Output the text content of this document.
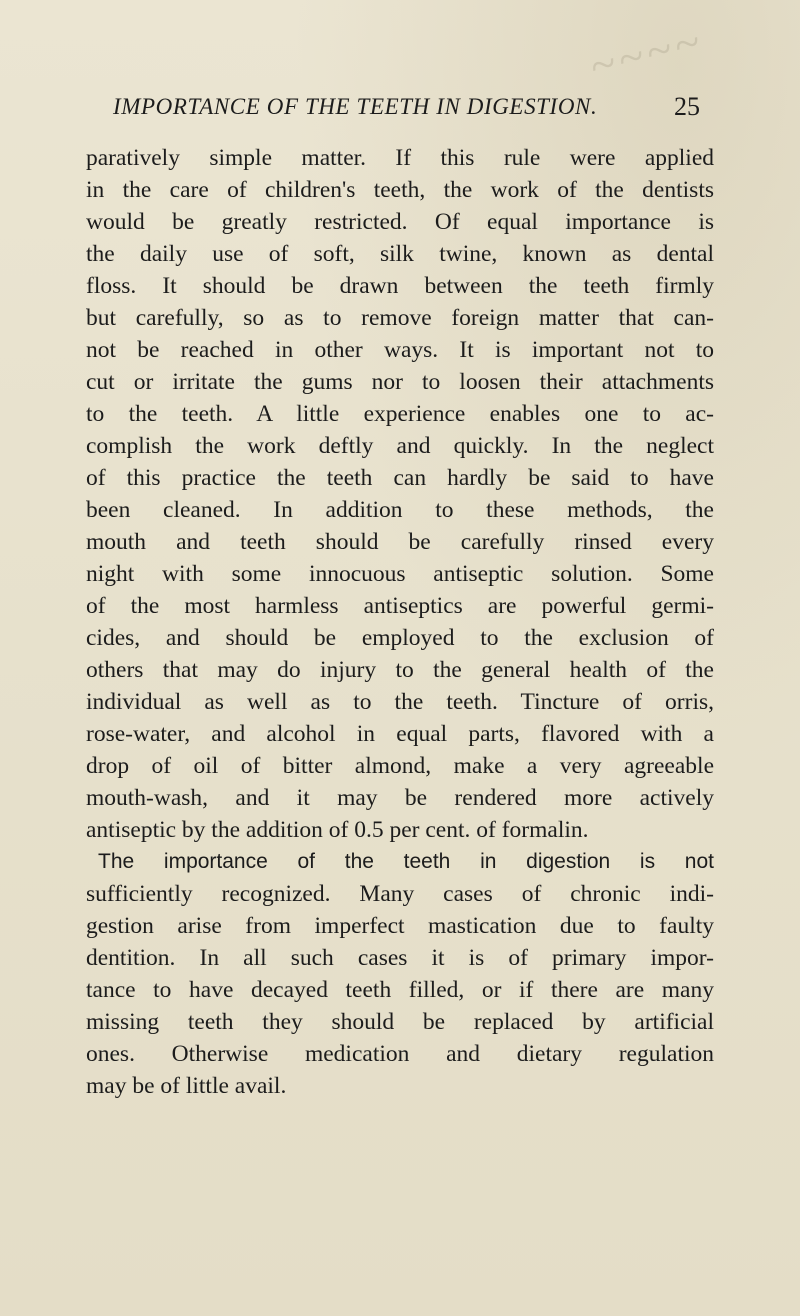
~~~~
IMPORTANCE OF THE TEETH IN DIGESTION.	25
paratively simple matter. If this rule were applied
in the care of children's teeth, the work of the dentists
would be greatly restricted. Of equal importance is
the daily use of soft, silk twine, known as dental
floss. It should be drawn between the teeth firmly
but carefully, so as to remove foreign matter that can-
not be reached in other ways. It is important not to
cut or irritate the gums nor to loosen their attachments
to the teeth. A little experience enables one to ac-
complish the work deftly and quickly. In the neglect
of this practice the teeth can hardly be said to have
been cleaned. In addition to these methods, the
mouth and teeth should be carefully rinsed every
night with some innocuous antiseptic solution. Some
of the most harmless antiseptics are powerful germi-
cides, and should be employed to the exclusion of
others that may do injury to the general health of the
individual as well as to the teeth. Tincture of orris,
rose-water, and alcohol in equal parts, flavored with a
drop of oil of bitter almond, make a very agreeable
mouth-wash, and it may be rendered more actively
antiseptic by the addition of 0.5 per cent. of formalin.
The importance of the teeth in digestion is not
sufficiently recognized. Many cases of chronic indi-
gestion arise from imperfect mastication due to faulty
dentition. In all such cases it is of primary impor-
tance to have decayed teeth filled, or if there are many
missing teeth they should be replaced by artificial
ones. Otherwise medication and dietary regulation
may be of little avail.
